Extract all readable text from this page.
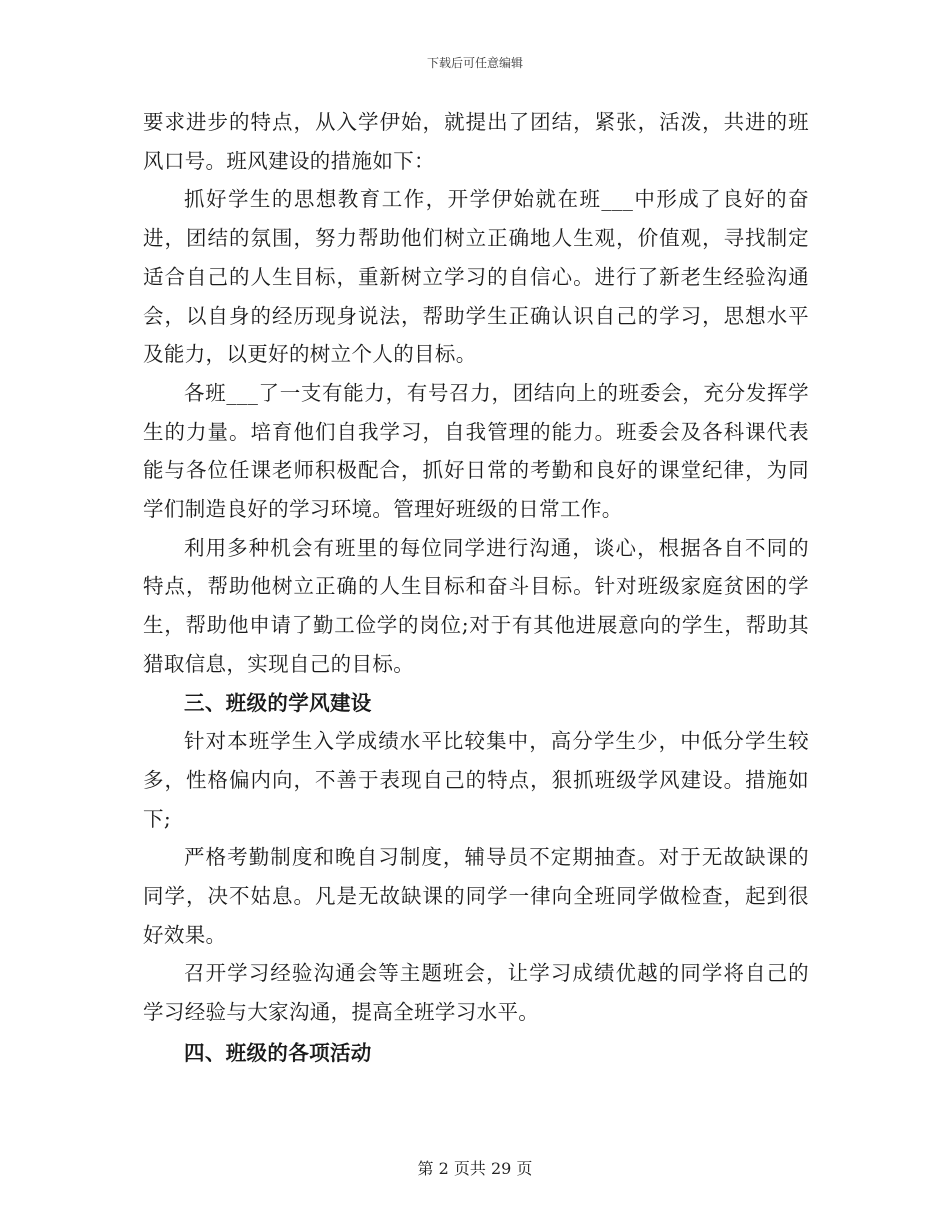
下载后可任意编辑

要求进步的特点，从入学伊始，就提出了团结，紧张，活泼，共进的班风口号。班风建设的措施如下：

抓好学生的思想教育工作，开学伊始就在班___中形成了良好的奋进，团结的氛围，努力帮助他们树立正确地人生观，价值观，寻找制定适合自己的人生目标，重新树立学习的自信心。进行了新老生经验沟通会，以自身的经历现身说法，帮助学生正确认识自己的学习，思想水平及能力，以更好的树立个人的目标。

各班___了一支有能力，有号召力，团结向上的班委会，充分发挥学生的力量。培育他们自我学习，自我管理的能力。班委会及各科课代表能与各位任课老师积极配合，抓好日常的考勤和良好的课堂纪律，为同学们制造良好的学习环境。管理好班级的日常工作。

利用多种机会有班里的每位同学进行沟通，谈心，根据各自不同的特点，帮助他树立正确的人生目标和奋斗目标。针对班级家庭贫困的学生，帮助他申请了勤工俭学的岗位;对于有其他进展意向的学生，帮助其猎取信息，实现自己的目标。

三、班级的学风建设

针对本班学生入学成绩水平比较集中，高分学生少，中低分学生较多，性格偏内向，不善于表现自己的特点，狠抓班级学风建设。措施如下;

严格考勤制度和晚自习制度，辅导员不定期抽查。对于无故缺课的同学，决不姑息。凡是无故缺课的同学一律向全班同学做检查，起到很好效果。

召开学习经验沟通会等主题班会，让学习成绩优越的同学将自己的学习经验与大家沟通，提高全班学习水平。

四、班级的各项活动

第 2 页共 29 页
